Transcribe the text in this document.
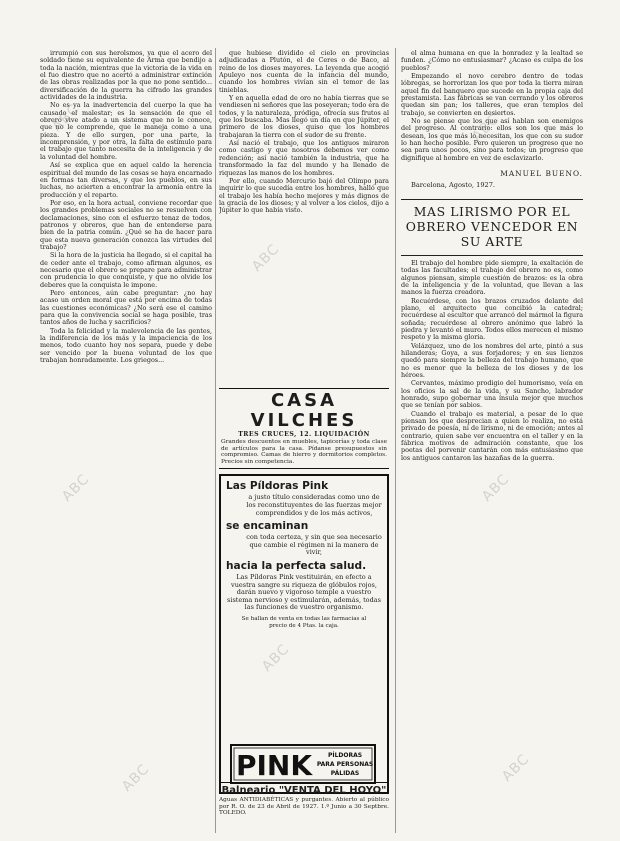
irrumpió con sus herolsmos, ya que el acero del soldado tiene su equivalente de Arma que bendijo a toda la nación, mientras que la victoria de la vida en el fuo diestro que no acertó a administrar extinción de las obras realizadas por la que no pone sentido... diversificación de la guerra ha cifrado las grandes actividades de la industria.

No es ya la inadvertencia del cuerpo la que ha causado el malestar; es la sensación de que el obrero vive atado a un sistema que no le conoce, que no le comprende, que le maneja como a una pieza. Y de ello surgen, por una parte, la incomprensión, y por otra, la falta de estímulo para el trabajo que tanto necesita de la inteligencia y de la voluntad del hombre.

Así se explica que en aquel caldo la herencia espiritual del mundo de las cosas se haya encarnado en formas tan diversas, y que los pueblos, en sus luchas, no acierten a encontrar la armonía entre la producción y el reparto.

Por eso, en la hora actual, conviene recordar que los grandes problemas sociales no se resuelven con declamaciones, sino con el esfuerzo tenaz de todos, patronos y obreros, que han de entenderse para bien de la patria común. ¿Qué se ha de hacer para que esta nueva generación conozca las virtudes del trabajo?

Si la hora de la justicia ha llegado, si el capital ha de ceder ante el trabajo, como afirman algunos, es necesario que el obrero se prepare para administrar con prudencia lo que conquiste, y que no olvide los deberes que la conquista le impone.

Pero entonces, aún cabe preguntar: ¿no hay acaso un orden moral que está por encima de todas las cuestiones económicas? ¿No será ese el camino para que la convivencia social se haga posible, tras tantos años de lucha y sacrificios?

Toda la felicidad y la malevolencia de las gentes, la indiferencia de los más y la impaciencia de los menos, todo cuanto hoy nos separa, puede y debe ser vencido por la buena voluntad de los que trabajan honradamente. Los griegos...

que hubiese dividido el cielo en provincias adjudicadas a Plutón, el de Ceres o de Baco, al reino de los dioses mayores. La leyenda que acogió Apuleyo nos cuenta de la infancia del mundo, cuando los hombres vivían sin el temor de las tinieblas.

Y en aquella edad de oro no había tierras que se vendiesen ni señores que las poseyeran; todo era de todos, y la naturaleza, pródiga, ofrecía sus frutos al que los buscaba. Mas llegó un día en que Júpiter, el primero de los dioses, quiso que los hombres trabajaran la tierra con el sudor de su frente.

Así nació el trabajo, que los antiguos miraron como castigo y que nosotros debemos ver como redención; así nació también la industria, que ha transformado la faz del mundo y ha llenado de riquezas las manos de los hombres.

Por ello, cuando Mercurio bajó del Olimpo para inquirir lo que sucedía entre los hombres, halló que el trabajo les había hecho mejores y más dignos de la gracia de los dioses; y al volver a los cielos, dijo a Júpiter lo que había visto.

CASA VILCHES
TRES CRUCES, 12. LIQUIDACIÓN
Grandes descuentos en muebles, tapicerías y toda clase de artículos para la casa. Pídanse presupuestos sin compromiso. Camas de hierro y dormitorios completos. Precios sin competencia.
Las Píldoras Pink
a justo título consideradas como uno de los reconstituyentes de las fuerzas mejor comprendidos y de los más activos,
se encaminan
con toda certeza, y sin que sea necesario que cambie el régimen ni la manera de vivir,
hacia la perfecta salud.
Las Píldoras Pink vestituirán, en efecto a vuestra sangre su riqueza de glóbulos rojos, darán nuevo y vigoroso temple a vuestro sistema nervioso y estimularán, además, todas las funciones de vuestro organismo.
Se hallan de venta en todas las farmacias al precio de 4 Ptas. la caja.
PINK	PÍLDORAS
PARA PERSONAS
PÁLIDAS
Balneario "VENTA DEL HOYO"
Aguas ANTIDIABÉTICAS y purgantes. Abierto al público por R. O. de 23 de Abril de 1927. 1.º Junio a 30 Septbre. TOLEDO.

el alma humana en que la honradez y la lealtad se funden. ¿Cómo no entusiasmar? ¿Acaso es culpa de los pueblos?

Empezando el novo cerebro dentro de todas lóbregas, se horrorizan los que por toda la tierra miran aquel fin del banquero que sucede en la propia caja del prestamista. Las fábricas se van cerrando y los obreros quedan sin pan; los talleres, que eran templos del trabajo, se convierten en desiertos.

No se piense que los que así hablan son enemigos del progreso. Al contrario: ellos son los que más lo desean, los que más lo necesitan, los que con su sudor lo han hecho posible. Pero quieren un progreso que no sea para unos pocos, sino para todos; un progreso que dignifique al hombre en vez de esclavizarlo.

MANUEL BUENO.
Barcelona, Agosto, 1927.
MAS LIRISMO POR EL OBRERO VENCEDOR EN SU ARTE

El trabajo del hombre pide siempre, la exaltación de todas las facultades; el trabajo del obrero no es, como algunos piensan, simple cuestión de brazos: es la obra de la inteligencia y de la voluntad, que llevan a las manos la fuerza creadora.

Recuérdese, con los brazos cruzados delante del plano, el arquitecto que concibió la catedral; recuérdese al escultor que arrancó del mármol la figura soñada; recuérdese al obrero anónimo que labró la piedra y levantó el muro. Todos ellos merecen el mismo respeto y la misma gloria.

Velázquez, uno de los nombres del arte, pintó a sus hilanderas; Goya, a sus forjadores; y en sus lienzos quedó para siempre la belleza del trabajo humano, que no es menor que la belleza de los dioses y de los héroes.

Cervantes, máximo prodigio del humorismo, veía en los oficios la sal de la vida, y su Sancho, labrador honrado, supo gobernar una ínsula mejor que muchos que se tenían por sabios.

Cuando el trabajo es material, a pesar de lo que piensan los que desprecian a quien lo realiza, no está privado de poesía, ni de lirismo, ni de emoción; antes al contrario, quien sabe ver encuentra en el taller y en la fábrica motivos de admiración constante, que los poetas del porvenir cantarán con más entusiasmo que los antiguos cantaron las hazañas de la guerra.

ABC
ABC
ABC
ABC
ABC
ABC
ABC	ABC
